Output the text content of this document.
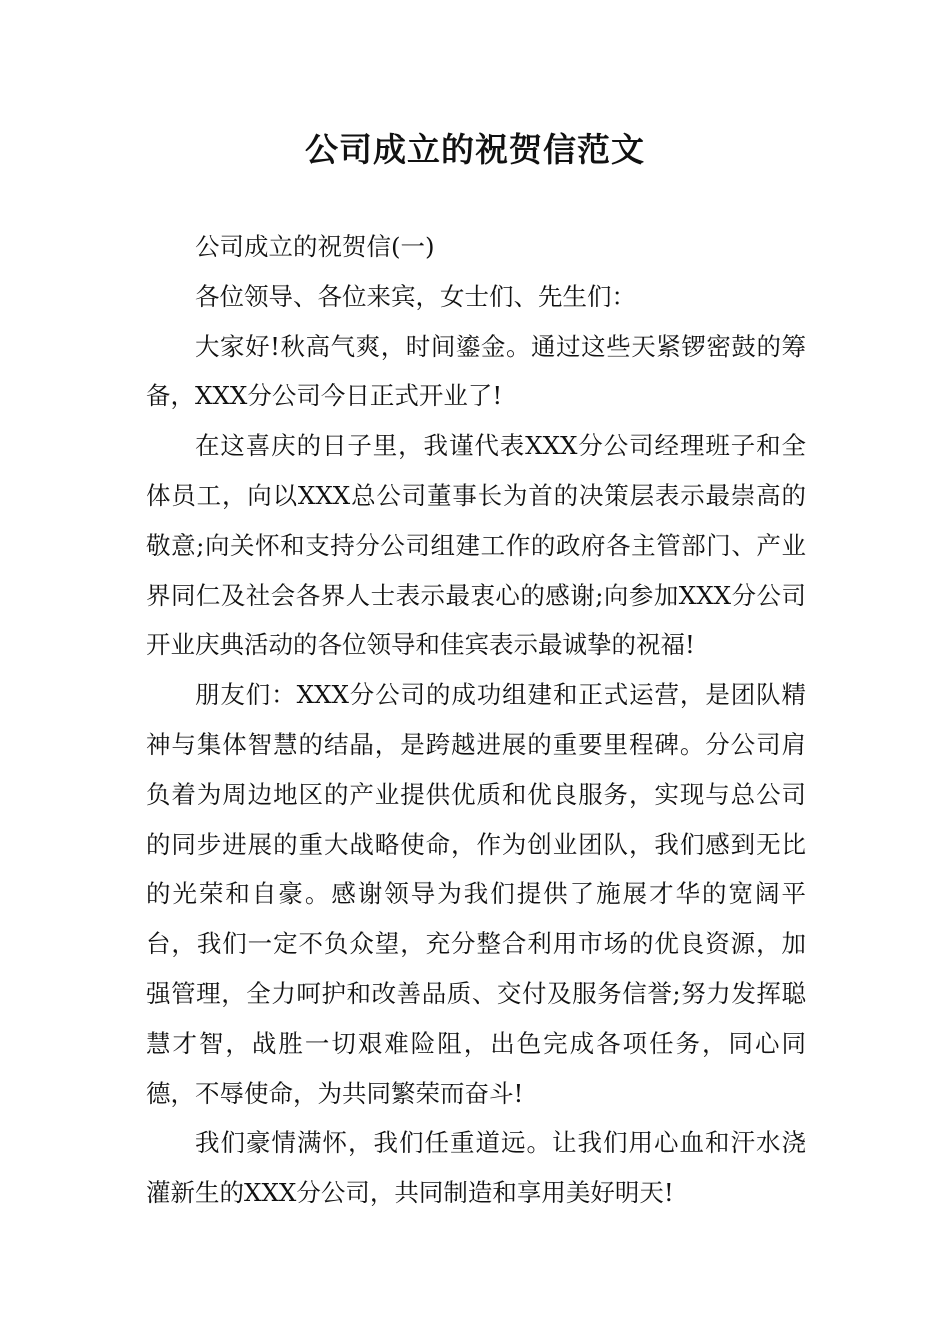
公司成立的祝贺信范文

公司成立的祝贺信(一)

各位领导、各位来宾，女士们、先生们：

大家好!秋高气爽，时间鎏金。通过这些天紧锣密鼓的筹备，XXX分公司今日正式开业了!

在这喜庆的日子里，我谨代表XXX分公司经理班子和全体员工，向以XXX总公司董事长为首的决策层表示最崇高的敬意;向关怀和支持分公司组建工作的政府各主管部门、产业界同仁及社会各界人士表示最衷心的感谢;向参加XXX分公司开业庆典活动的各位领导和佳宾表示最诚挚的祝福!

朋友们：XXX分公司的成功组建和正式运营，是团队精神与集体智慧的结晶，是跨越进展的重要里程碑。分公司肩负着为周边地区的产业提供优质和优良服务，实现与总公司的同步进展的重大战略使命，作为创业团队，我们感到无比的光荣和自豪。感谢领导为我们提供了施展才华的宽阔平台，我们一定不负众望，充分整合利用市场的优良资源，加强管理，全力呵护和改善品质、交付及服务信誉;努力发挥聪慧才智，战胜一切艰难险阻，出色完成各项任务，同心同德，不辱使命，为共同繁荣而奋斗!

我们豪情满怀，我们任重道远。让我们用心血和汗水浇灌新生的XXX分公司，共同制造和享用美好明天!
